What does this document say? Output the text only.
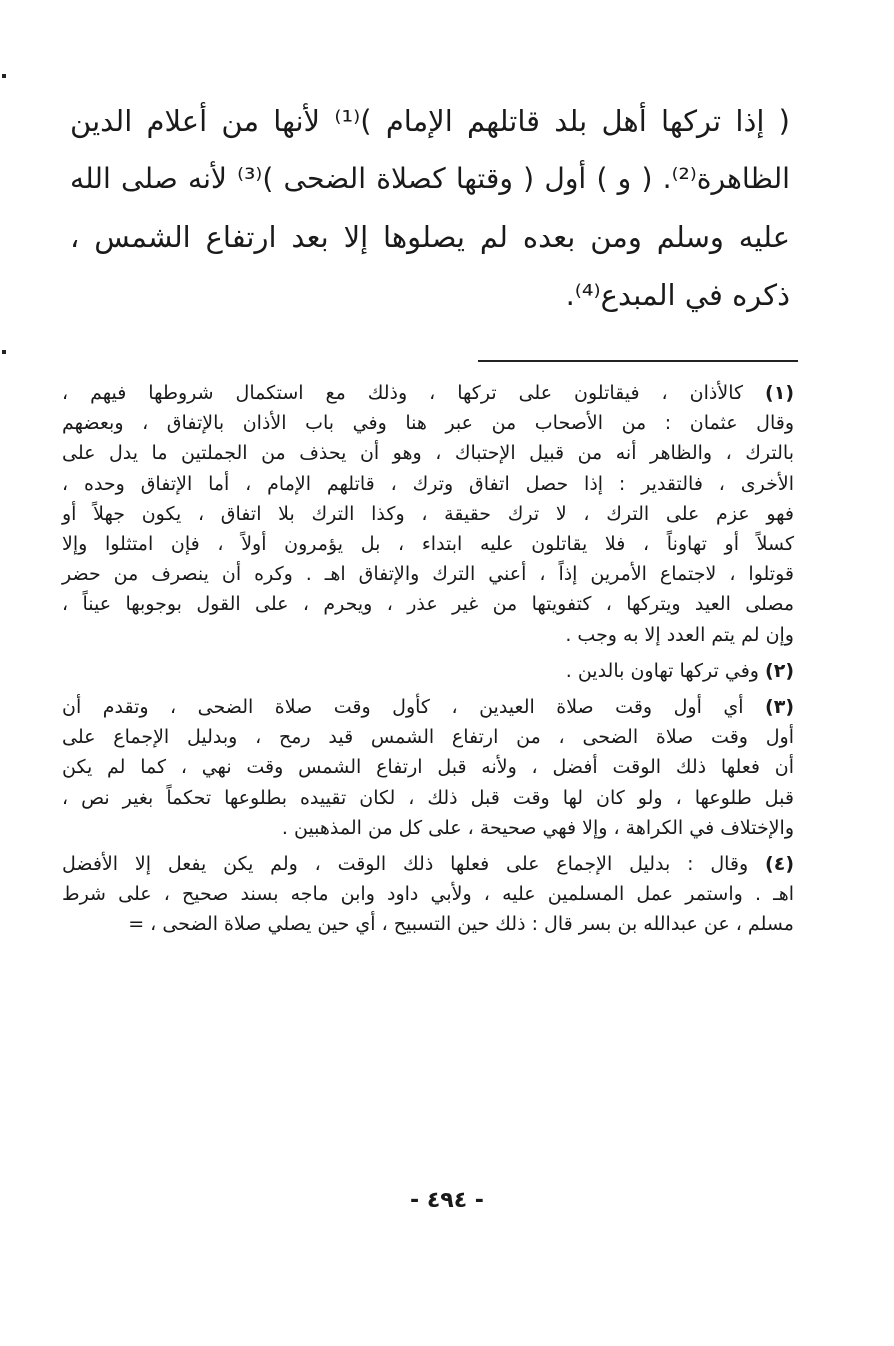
( إذا تركها أهل بلد قاتلهم الإمام )⁽¹⁾ لأنها من أعلام الدين
الظاهرة⁽²⁾. ( و ) أول ( وقتها كصلاة الضحى )⁽³⁾ لأنه صلى الله
عليه وسلم ومن بعده لم يصلوها إلا بعد ارتفاع الشمس ،
ذكره في المبدع⁽⁴⁾.
(١) كالأذان ، فيقاتلون على تركها ، وذلك مع استكمال شروطها فيهم ،
وقال عثمان : من الأصحاب من عبر هنا وفي باب الأذان بالإتفاق ، وبعضهم
بالترك ، والظاهر أنه من قبيل الإحتباك ، وهو أن يحذف من الجملتين ما يدل على
الأخرى ، فالتقدير : إذا حصل اتفاق وترك ، قاتلهم الإمام ، أما الإتفاق وحده ،
فهو عزم على الترك ، لا ترك حقيقة ، وكذا الترك بلا اتفاق ، يكون جهلاً أو
كسلاً أو تهاوناً ، فلا يقاتلون عليه ابتداء ، بل يؤمرون أولاً ، فإن امتثلوا وإلا
قوتلوا ، لاجتماع الأمرين إذاً ، أعني الترك والإتفاق اهـ . وكره أن ينصرف من حضر
مصلى العيد ويتركها ، كتفويتها من غير عذر ، ويحرم ، على القول بوجوبها عيناً ،
وإن لم يتم العدد إلا به وجب .
(٢) وفي تركها تهاون بالدين .
(٣) أي أول وقت صلاة العيدين ، كأول وقت صلاة الضحى ، وتقدم أن
أول وقت صلاة الضحى ، من ارتفاع الشمس قيد رمح ، وبدليل الإجماع على
أن فعلها ذلك الوقت أفضل ، ولأنه قبل ارتفاع الشمس وقت نهي ، كما لم يكن
قبل طلوعها ، ولو كان لها وقت قبل ذلك ، لكان تقييده بطلوعها تحكماً بغير نص ،
والإختلاف في الكراهة ، وإلا فهي صحيحة ، على كل من المذهبين .
(٤) وقال : بدليل الإجماع على فعلها ذلك الوقت ، ولم يكن يفعل إلا الأفضل
اهـ . واستمر عمل المسلمين عليه ، ولأبي داود وابن ماجه بسند صحيح ، على شرط
مسلم ، عن عبدالله بن بسر قال : ذلك حين التسبيح ، أي حين يصلي صلاة الضحى ، =
- ٤٩٤ -
